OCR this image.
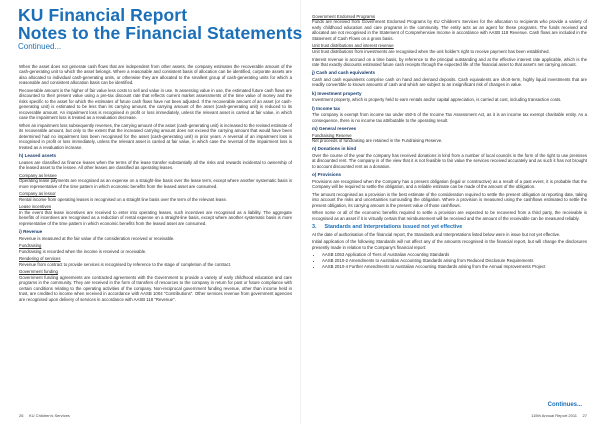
KU Financial Report
Notes to the Financial Statements
Continued...

When the asset does not generate cash flows that are independent from other assets, the company estimates the recoverable amount of the cash-generating unit to which the asset belongs. Where a reasonable and consistent basis of allocation can be identified, corporate assets are also allocated to individual cash-generating units, or otherwise they are allocated to the smallest group of cash-generating units for which a reasonable and consistent allocation basis can be identified.

Recoverable amount is the higher of fair value less costs to sell and value in use. In assessing value in use, the estimated future cash flows are discounted to their present value using a pre-tax discount rate that reflects current market assessments of the time value of money and the risks specific to the asset for which the estimates of future cash flows have not been adjusted. If the recoverable amount of an asset (or cash-generating unit) is estimated to be less than its carrying amount, the carrying amount of the asset (cash-generating unit) is reduced to its recoverable amount. An impairment loss is recognised in profit or loss immediately, unless the relevant asset is carried at fair value, in which case the impairment loss is treated as a revaluation decrease.

When an impairment loss subsequently reverses, the carrying amount of the asset (cash-generating unit) is increased to the revised estimate of its recoverable amount, but only to the extent that the increased carrying amount does not exceed the carrying amount that would have been determined had no impairment loss been recognised for the asset (cash-generating unit) in prior years. A reversal of an impairment loss is recognised in profit or loss immediately, unless the relevant asset is carried at fair value, in which case the reversal of the impairment loss is treated as a revaluation increase.

h) Leased assets

Leases are classified as finance leases when the terms of the lease transfer substantially all the risks and rewards incidental to ownership of the leased asset to the lessee. All other leases are classified as operating leases.

Company as lessee

Operating lease payments are recognised as an expense on a straight-line basis over the lease term, except where another systematic basis is more representative of the time pattern in which economic benefits from the leased asset are consumed.

Company as lessor

Rental income from operating leases is recognised on a straight line basis over the term of the relevant lease.

Lease incentives

In the event that lease incentives are received to enter into operating leases, such incentives are recognised as a liability. The aggregate benefits of incentives are recognised as a reduction of rental expense on a straight-line basis, except where another systematic basis is more representative of the time pattern in which economic benefits from the leased asset are consumed.

i) Revenue

Revenue is measured at the fair value of the consideration received or receivable.

Fundraising

Fundraising is recorded when the income is received or receivable.

Rendering of services

Revenue from contract to provide services is recognised by reference to the stage of completion of the contract.

Government funding

Government funding agreements are contracted agreements with the Government to provide a variety of early childhood education and care programs in the community. They are received in the form of transfers of resources to the company in return for past or future compliance with certain conditions relating to the operating activities of the company. Non-reciprocal government funding revenue, other than income held in trust, are credited to income when received in accordance with AASB 1004 "Contributions". Other services revenue from government agencies are recognised upon delivery of services in accordance with AASB 118 "Revenue".

Government Endorsed Programs

Funds are received from Government Endorsed Programs by KU Children's Services for the allocation to recipients who provide a variety of early childhood education and care programs in the community. The entity acts as an agent for these programs. The funds received and allocated are not recognised in the Statement of Comprehensive Income in accordance with AASB 118 Revenue. Cash flows are included in the Statement of Cash Flows on a gross basis.

Unit trust distributions and interest revenue

Unit trust distributions from investments are recognised when the unit holder's right to receive payment has been established.

Interest revenue is accrued on a time basis, by reference to the principal outstanding and at the effective interest rate applicable, which is the rate that exactly discounts estimated future cash receipts through the expected life of the financial asset to that asset's net carrying amount.

j) Cash and cash equivalents

Cash and cash equivalents comprise cash on hand and demand deposits. Cash equivalents are short-term, highly liquid investments that are readily convertible to known amounts of cash and which are subject to an insignificant risk of changes in value.

k) Investment property

Investment property, which is property held to earn rentals and/or capital appreciation, is carried at cost, including transaction costs.

l) Income tax

The company is exempt from income tax under s50-5 of the Income Tax Assessment Act, as it is an income tax exempt charitable entity. As a consequence, there is no income tax attributable to the operating result.

m) General reserves

Fundraising Reserve

Net proceeds of fundraising are retained in the Fundraising Reserve.

n) Donations in kind

Over the course of the year the company has received donations in kind from a number of local councils in the form of the right to use premises at discounted rent. The company is of the view that it is not feasible to fair value the services received accurately and as such it has not brought to account discounted rent as a donation.

o) Provisions

Provisions are recognised when the Company has a present obligation (legal or constructive) as a result of a past event, it is probable that the Company will be required to settle the obligation, and a reliable estimate can be made of the amount of the obligation.

The amount recognised as a provision is the best estimate of the consideration required to settle the present obligation at reporting date, taking into account the risks and uncertainties surrounding the obligation. Where a provision is measured using the cashflows estimated to settle the present obligation, its carrying amount is the present value of those cashflows.

When some or all of the economic benefits required to settle a provision are expected to be recovered from a third party, the receivable is recognised as an asset if it is virtually certain that reimbursement will be received and the amount of the receivable can be measured reliably.

3. Standards and Interpretations issued not yet effective

At the date of authorisation of the financial report, the Standards and Interpretations listed below were in issue but not yet effective.

Initial application of the following Standards will not affect any of the amounts recognised in the financial report, but will change the disclosures presently made in relation to the Company's financial report:

• AASB 1053 Application of Tiers of Australian Accounting Standards
• AASB 2010-2 Amendments to Australian Accounting Standards arising from Reduced Disclosure Requirements
• AASB 2010-4 Further Amendments to Australian Accounting Standards arising from the Annual Improvements Project
Continues...
26 KU Children's Services	115th Annual Report 2011 27
